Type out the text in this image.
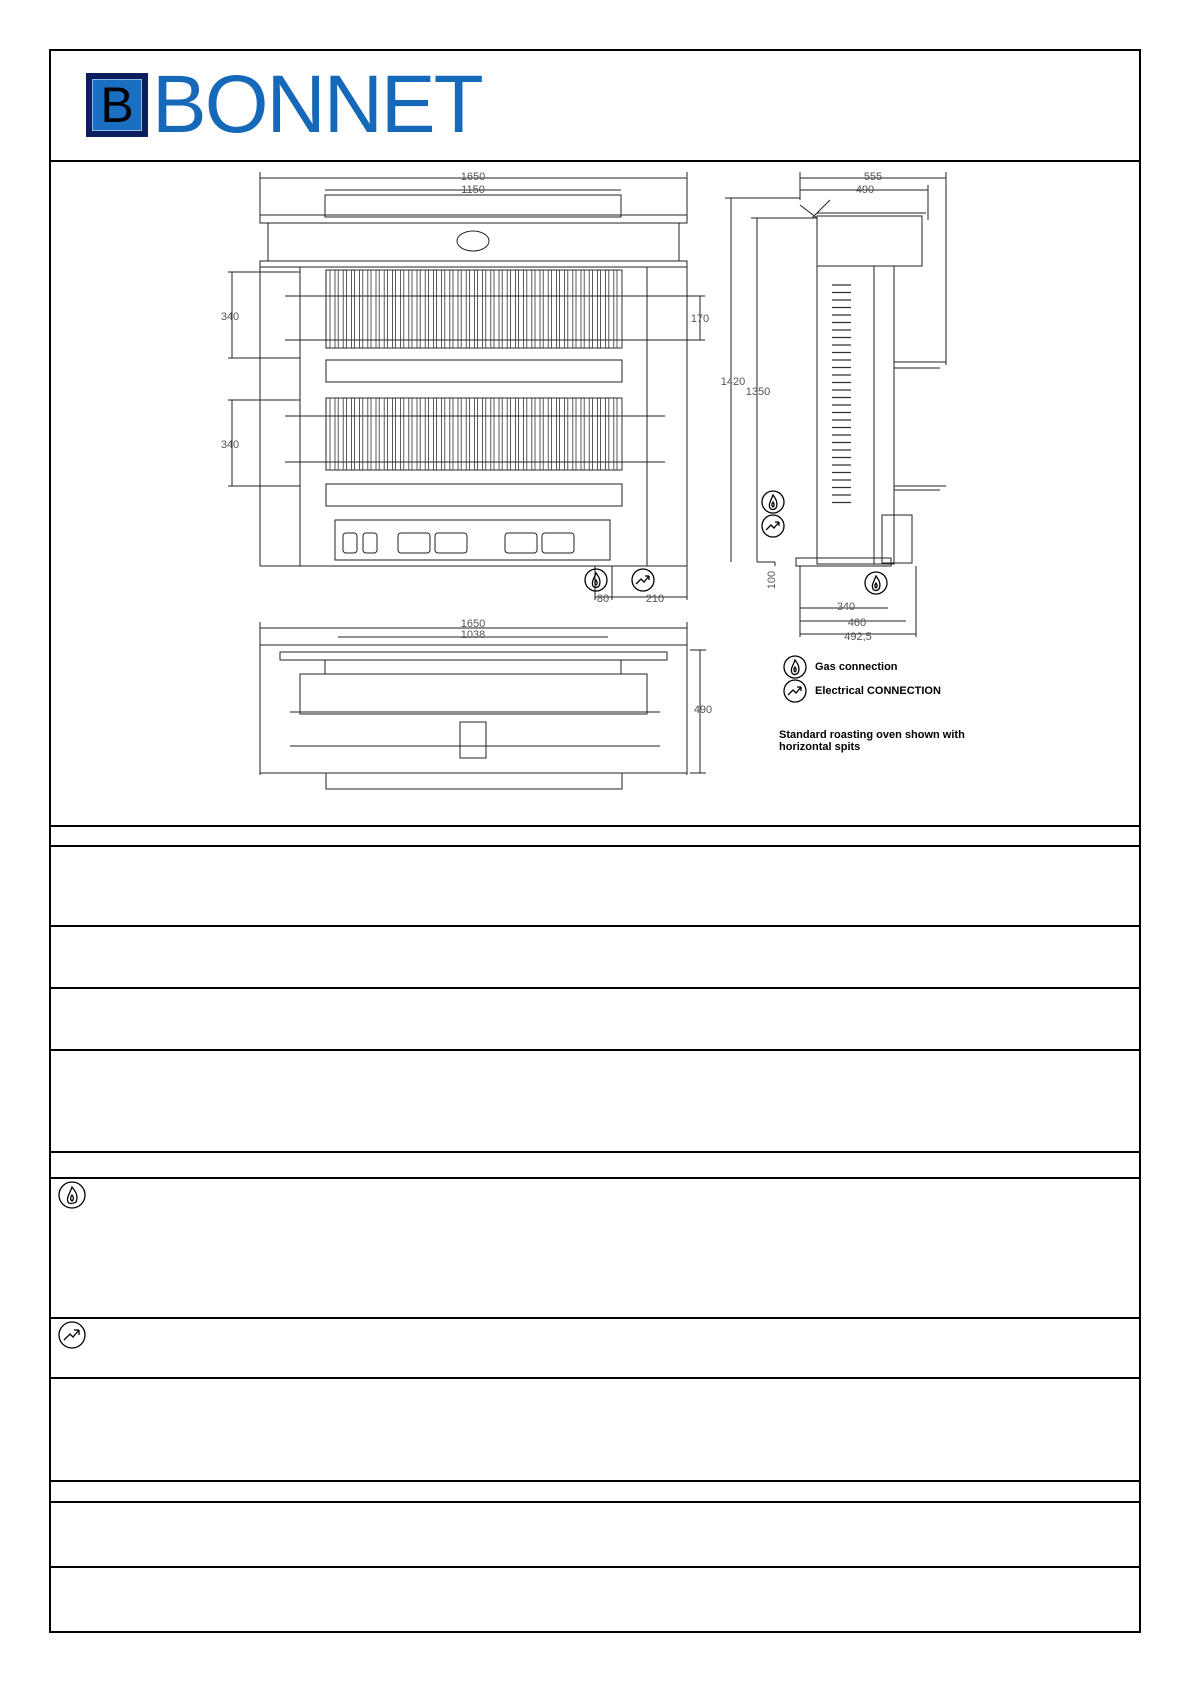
B BONNET
1650
1150
340
340
170
80	210
555
490
1420
1350
100
340
460
492,5
1650
1038
490
Gas connection
Electrical CONNECTION
Standard roasting oven shown with horizontal spits
